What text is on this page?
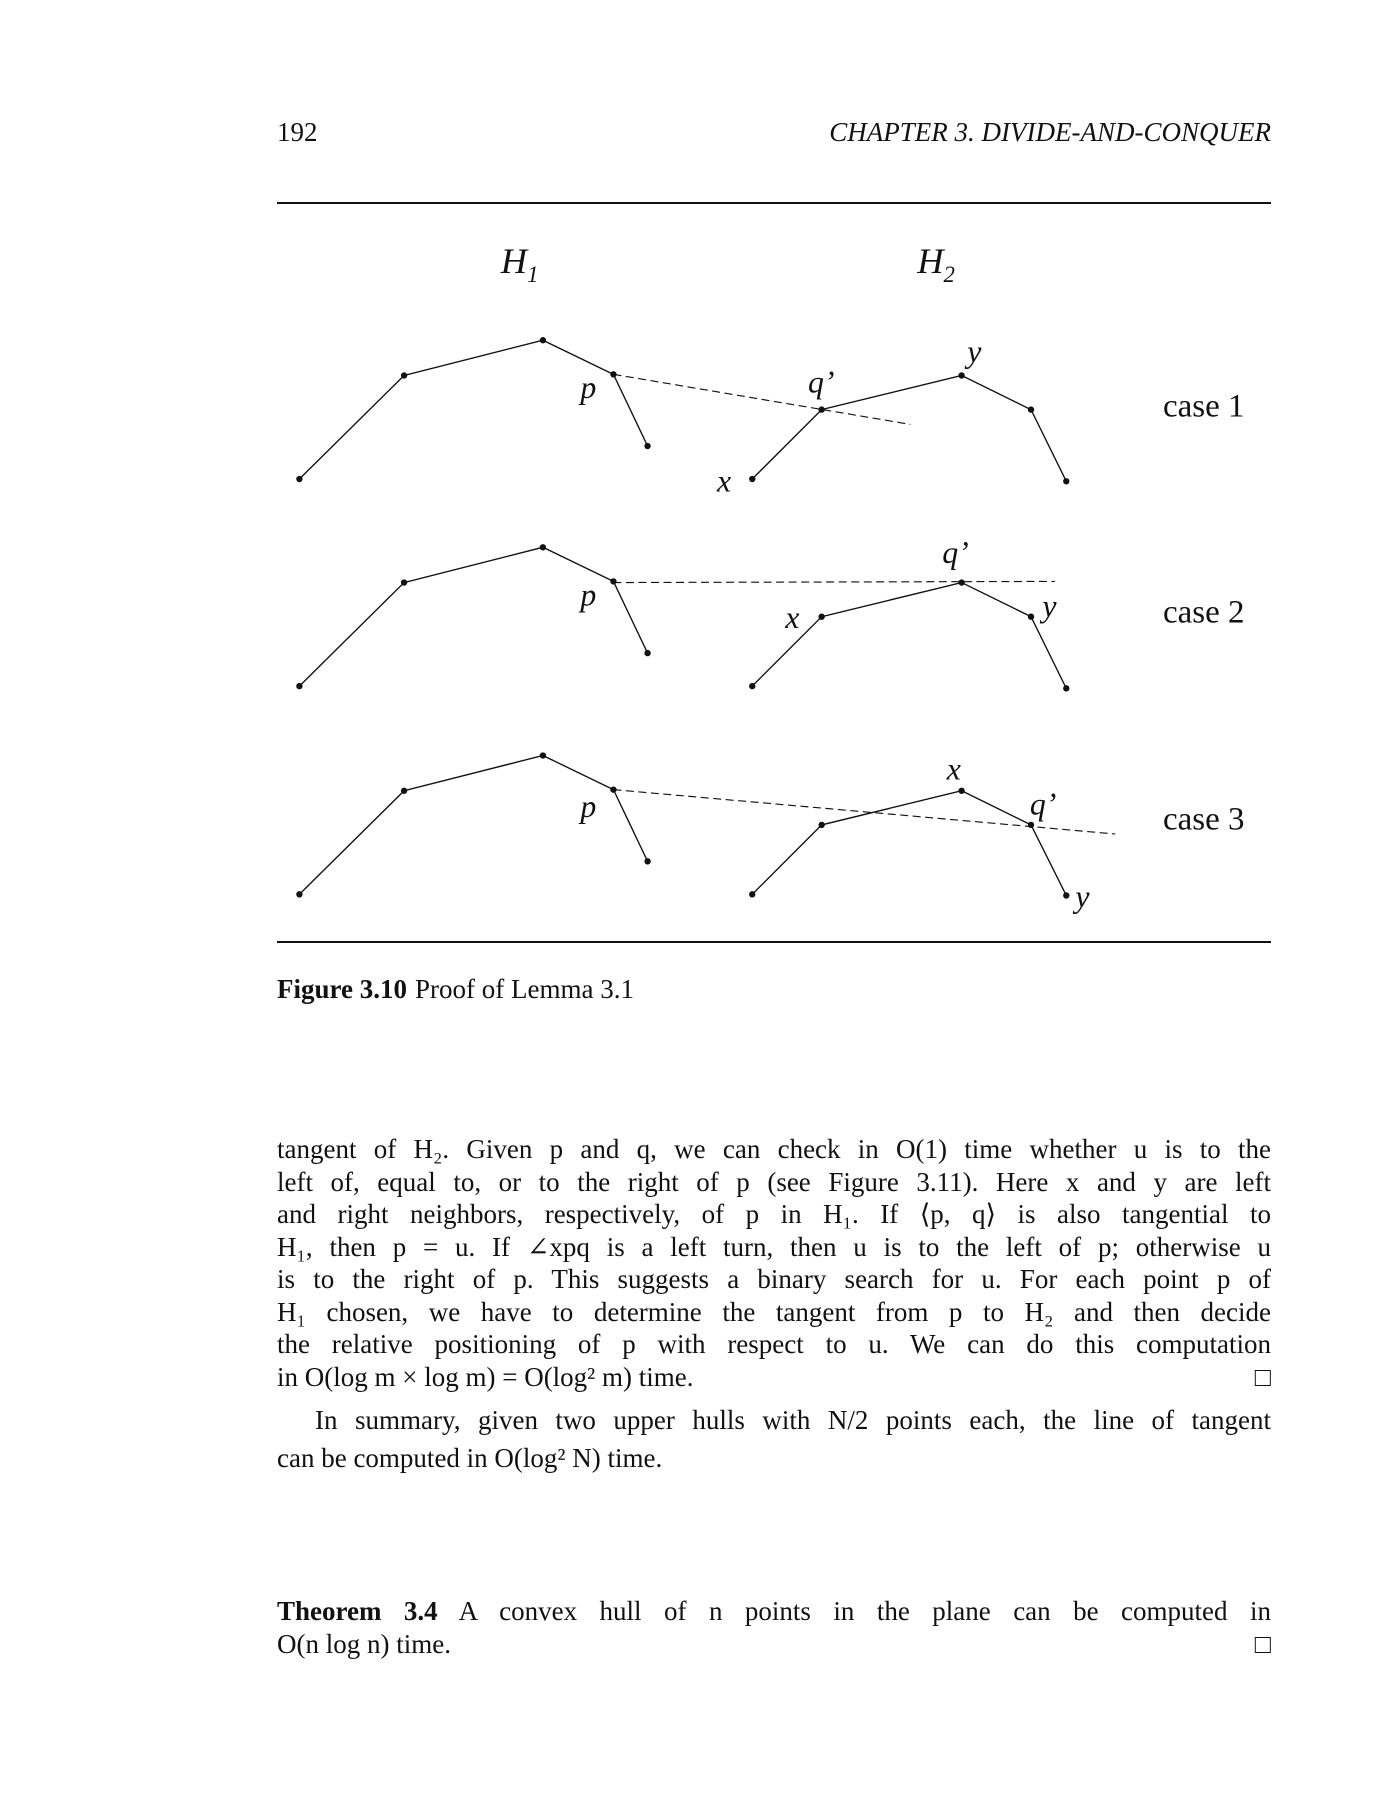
192	CHAPTER 3. DIVIDE-AND-CONQUER
$H_1$	$H_2$
p	q’
x
y
case 1
p
q’
x	y	case 2
p	q’
x
y
case 3
Figure 3.10 Proof of Lemma 3.1
tangent of H₂. Given p and q, we can check in O(1) time whether u is to the
left of, equal to, or to the right of p (see Figure 3.11). Here x and y are left
and right neighbors, respectively, of p in H₁. If ⟨p, q⟩ is also tangential to
H₁, then p = u. If ∠xpq is a left turn, then u is to the left of p; otherwise u
is to the right of p. This suggests a binary search for u. For each point p of
H₁ chosen, we have to determine the tangent from p to H₂ and then decide
the relative positioning of p with respect to u. We can do this computation
in O(log m × log m) = O(log² m) time.	□
In summary, given two upper hulls with N/2 points each, the line of tangent
can be computed in O(log² N) time.
Theorem 3.4 A convex hull of n points in the plane can be computed in
O(n log n) time.	□
